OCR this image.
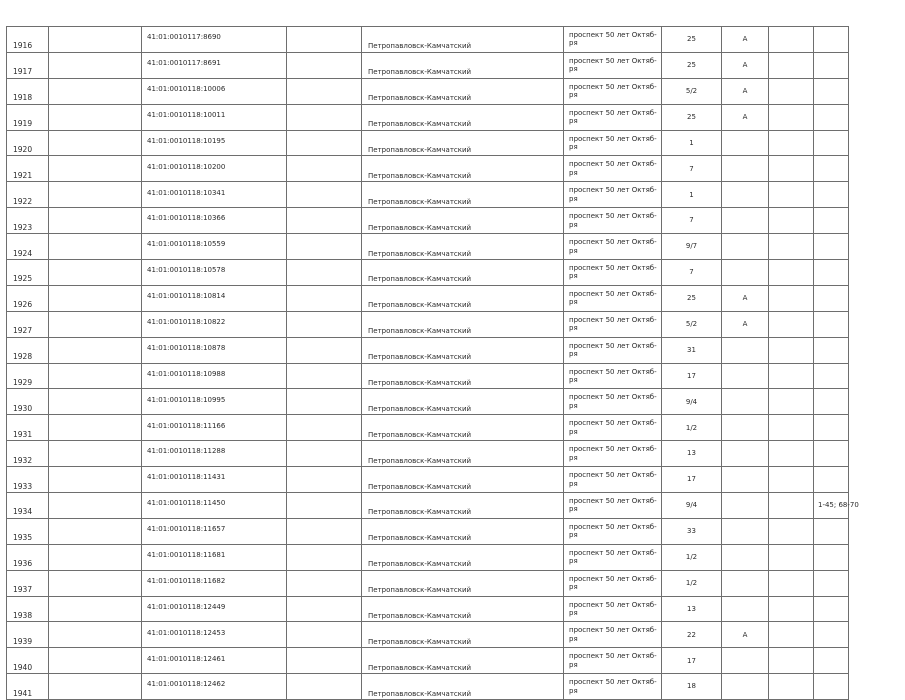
1916		41:01:0010117:8690		Петропавловск-Камчатский	проспект 50 лет Октяб-ря	25	А		
1917		41:01:0010117:8691		Петропавловск-Камчатский	проспект 50 лет Октяб-ря	25	А		
1918		41:01:0010118:10006		Петропавловск-Камчатский	проспект 50 лет Октяб-ря	5/2	А		
1919		41:01:0010118:10011		Петропавловск-Камчатский	проспект 50 лет Октяб-ря	25	А		
1920		41:01:0010118:10195		Петропавловск-Камчатский	проспект 50 лет Октяб-ря	1			
1921		41:01:0010118:10200		Петропавловск-Камчатский	проспект 50 лет Октяб-ря	7			
1922		41:01:0010118:10341		Петропавловск-Камчатский	проспект 50 лет Октяб-ря	1			
1923		41:01:0010118:10366		Петропавловск-Камчатский	проспект 50 лет Октяб-ря	7			
1924		41:01:0010118:10559		Петропавловск-Камчатский	проспект 50 лет Октяб-ря	9/7			
1925		41:01:0010118:10578		Петропавловск-Камчатский	проспект 50 лет Октяб-ря	7			
1926		41:01:0010118:10814		Петропавловск-Камчатский	проспект 50 лет Октяб-ря	25	А		
1927		41:01:0010118:10822		Петропавловск-Камчатский	проспект 50 лет Октяб-ря	5/2	А		
1928		41:01:0010118:10878		Петропавловск-Камчатский	проспект 50 лет Октяб-ря	31			
1929		41:01:0010118:10988		Петропавловск-Камчатский	проспект 50 лет Октяб-ря	17			
1930		41:01:0010118:10995		Петропавловск-Камчатский	проспект 50 лет Октяб-ря	9/4			
1931		41:01:0010118:11166		Петропавловск-Камчатский	проспект 50 лет Октяб-ря	1/2			
1932		41:01:0010118:11288		Петропавловск-Камчатский	проспект 50 лет Октяб-ря	13			
1933		41:01:0010118:11431		Петропавловск-Камчатский	проспект 50 лет Октяб-ря	17			
1934		41:01:0010118:11450		Петропавловск-Камчатский	проспект 50 лет Октяб-ря	9/4			1-45; 68-70
1935		41:01:0010118:11657		Петропавловск-Камчатский	проспект 50 лет Октяб-ря	33			
1936		41:01:0010118:11681		Петропавловск-Камчатский	проспект 50 лет Октяб-ря	1/2			
1937		41:01:0010118:11682		Петропавловск-Камчатский	проспект 50 лет Октяб-ря	1/2			
1938		41:01:0010118:12449		Петропавловск-Камчатский	проспект 50 лет Октяб-ря	13			
1939		41:01:0010118:12453		Петропавловск-Камчатский	проспект 50 лет Октяб-ря	22	А		
1940		41:01:0010118:12461		Петропавловск-Камчатский	проспект 50 лет Октяб-ря	17			
1941		41:01:0010118:12462		Петропавловск-Камчатский	проспект 50 лет Октяб-ря	18			
